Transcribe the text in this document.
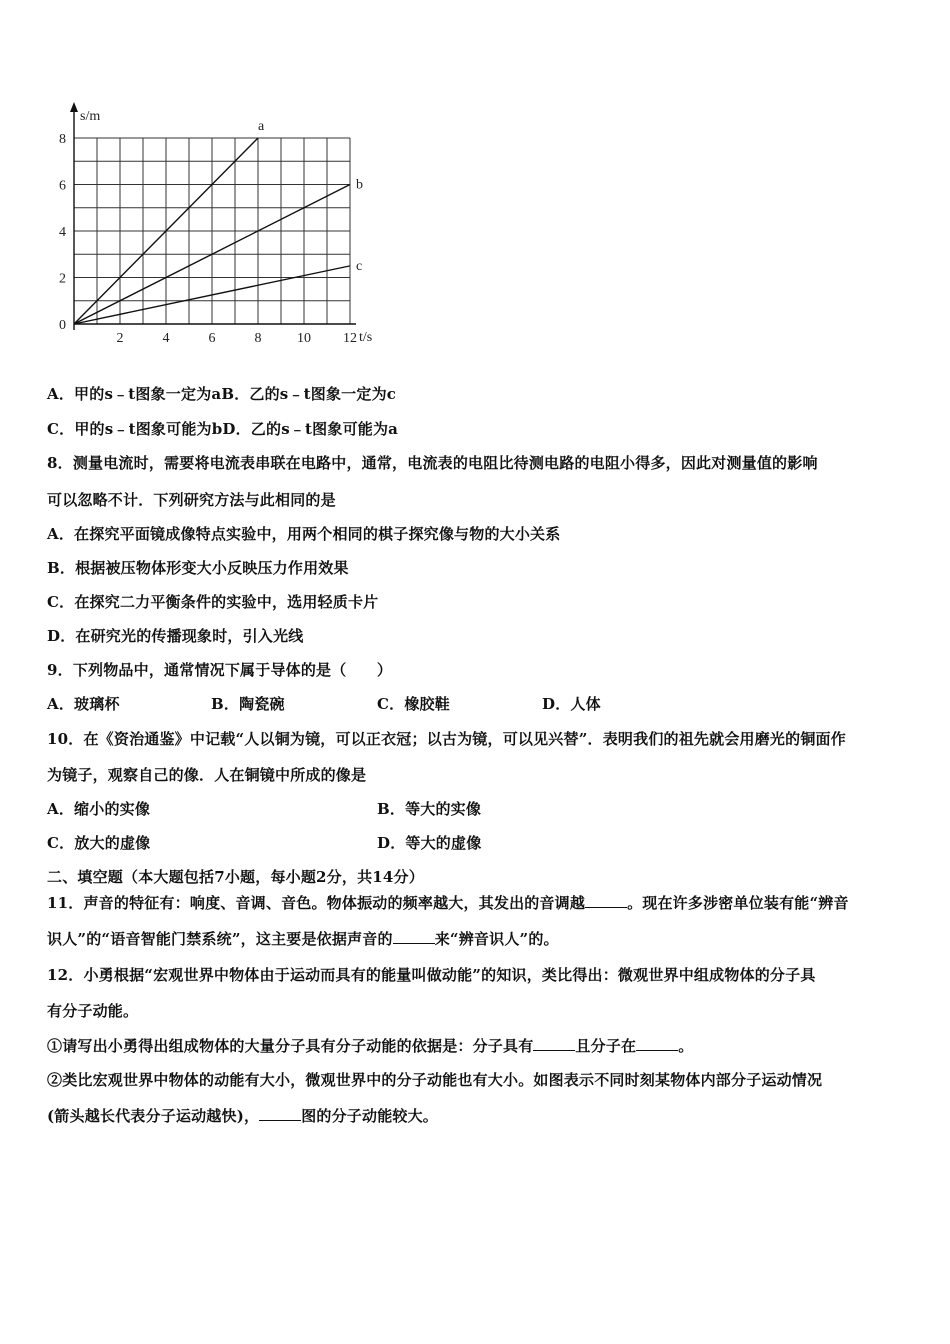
s/m
t/s
2	4	6	8	10 12
0
2
4
6
8
a
b
c
A．甲的s﹣t图象一定为aB．乙的s﹣t图象一定为c
C．甲的s﹣t图象可能为bD．乙的s﹣t图象可能为a
8．测量电流时，需要将电流表串联在电路中，通常，电流表的电阻比待测电路的电阻小得多，因此对测量值的影响
可以忽略不计．下列研究方法与此相同的是
A．在探究平面镜成像特点实验中，用两个相同的棋子探究像与物的大小关系
B．根据被压物体形变大小反映压力作用效果
C．在探究二力平衡条件的实验中，选用轻质卡片
D．在研究光的传播现象时，引入光线
9．下列物品中，通常情况下属于导体的是（　　）
A．玻璃杯	B．陶瓷碗	C．橡胶鞋	D．人体
10．在《资治通鉴》中记载“人以铜为镜，可以正衣冠；以古为镜，可以见兴替”．表明我们的祖先就会用磨光的铜面作
为镜子，观察自己的像．人在铜镜中所成的像是
A．缩小的实像	B．等大的实像
C．放大的虚像	D．等大的虚像
二、填空题（本大题包括7小题，每小题2分，共14分）
11．声音的特征有：响度、音调、音色。物体振动的频率越大，其发出的音调越	。现在许多涉密单位装有能“辨音
识人”的“语音智能门禁系统”，这主要是依据声音的	来“辨音识人”的。
12．小勇根据“宏观世界中物体由于运动而具有的能量叫做动能”的知识，类比得出：微观世界中组成物体的分子具
有分子动能。
①请写出小勇得出组成物体的大量分子具有分子动能的依据是：分子具有	且分子在	。
②类比宏观世界中物体的动能有大小，微观世界中的分子动能也有大小。如图表示不同时刻某物体内部分子运动情况
(箭头越长代表分子运动越快)，	图的分子动能较大。
